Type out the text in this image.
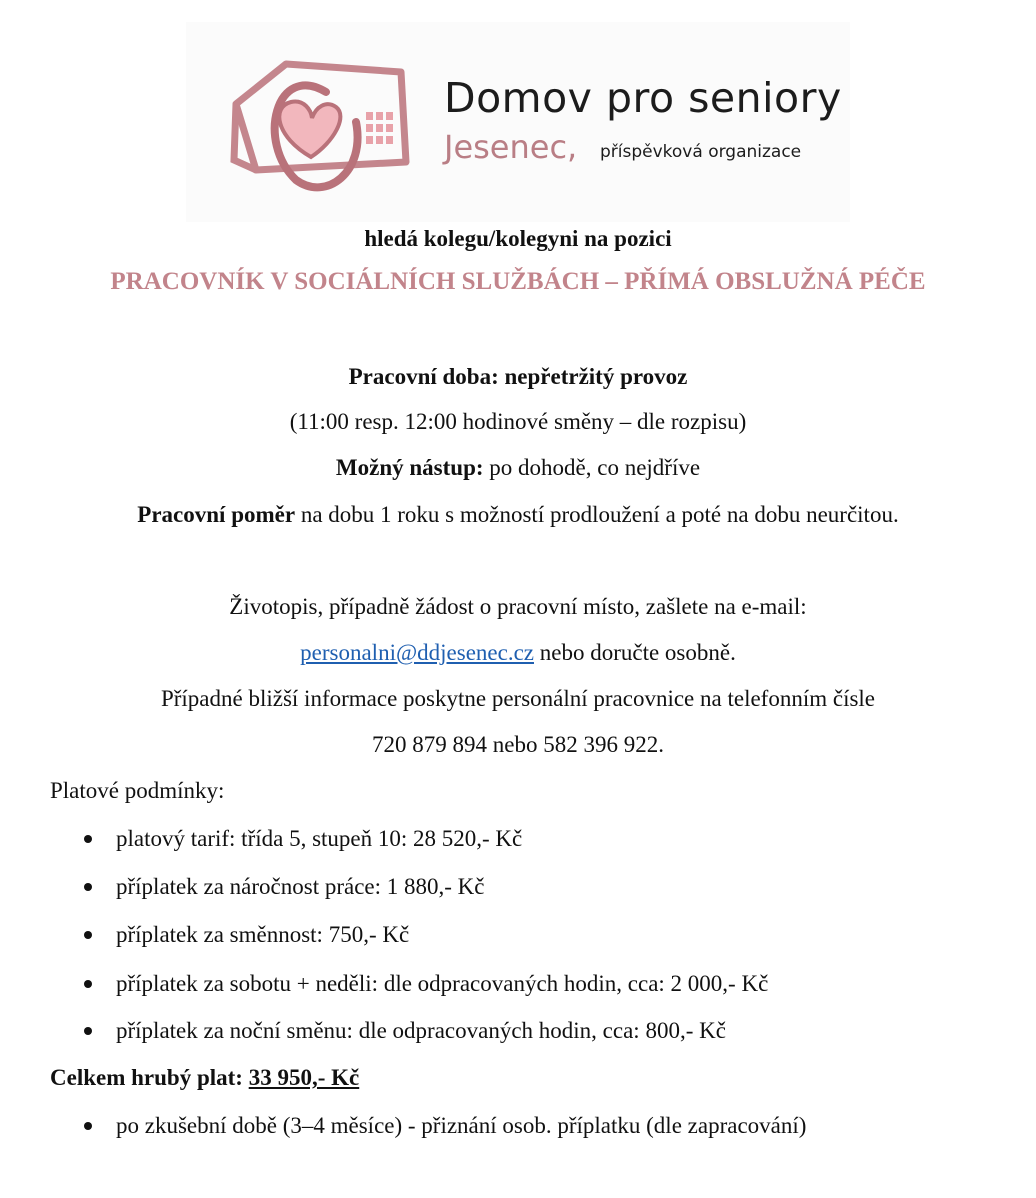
Domov pro seniory
Jesenec, příspěvková organizace
hledá kolegu/kolegyni na pozici
PRACOVNÍK V SOCIÁLNÍCH SLUŽBÁCH – PŘÍMÁ OBSLUŽNÁ PÉČE
Pracovní doba: nepřetržitý provoz
(11:00 resp. 12:00 hodinové směny – dle rozpisu)
Možný nástup: po dohodě, co nejdříve
Pracovní poměr na dobu 1 roku s možností prodloužení a poté na dobu neurčitou.
Životopis, případně žádost o pracovní místo, zašlete na e-mail:
personalni@ddjesenec.cz nebo doručte osobně.
Případné bližší informace poskytne personální pracovnice na telefonním čísle
720 879 894 nebo 582 396 922.
Platové podmínky:
platový tarif: třída 5, stupeň 10: 28 520,- Kč
příplatek za náročnost práce: 1 880,- Kč
příplatek za směnnost: 750,- Kč
příplatek za sobotu + neděli: dle odpracovaných hodin, cca: 2 000,- Kč
příplatek za noční směnu: dle odpracovaných hodin, cca: 800,- Kč
Celkem hrubý plat: 33 950,- Kč
po zkušební době (3–4 měsíce) - přiznání osob. příplatku (dle zapracování)
